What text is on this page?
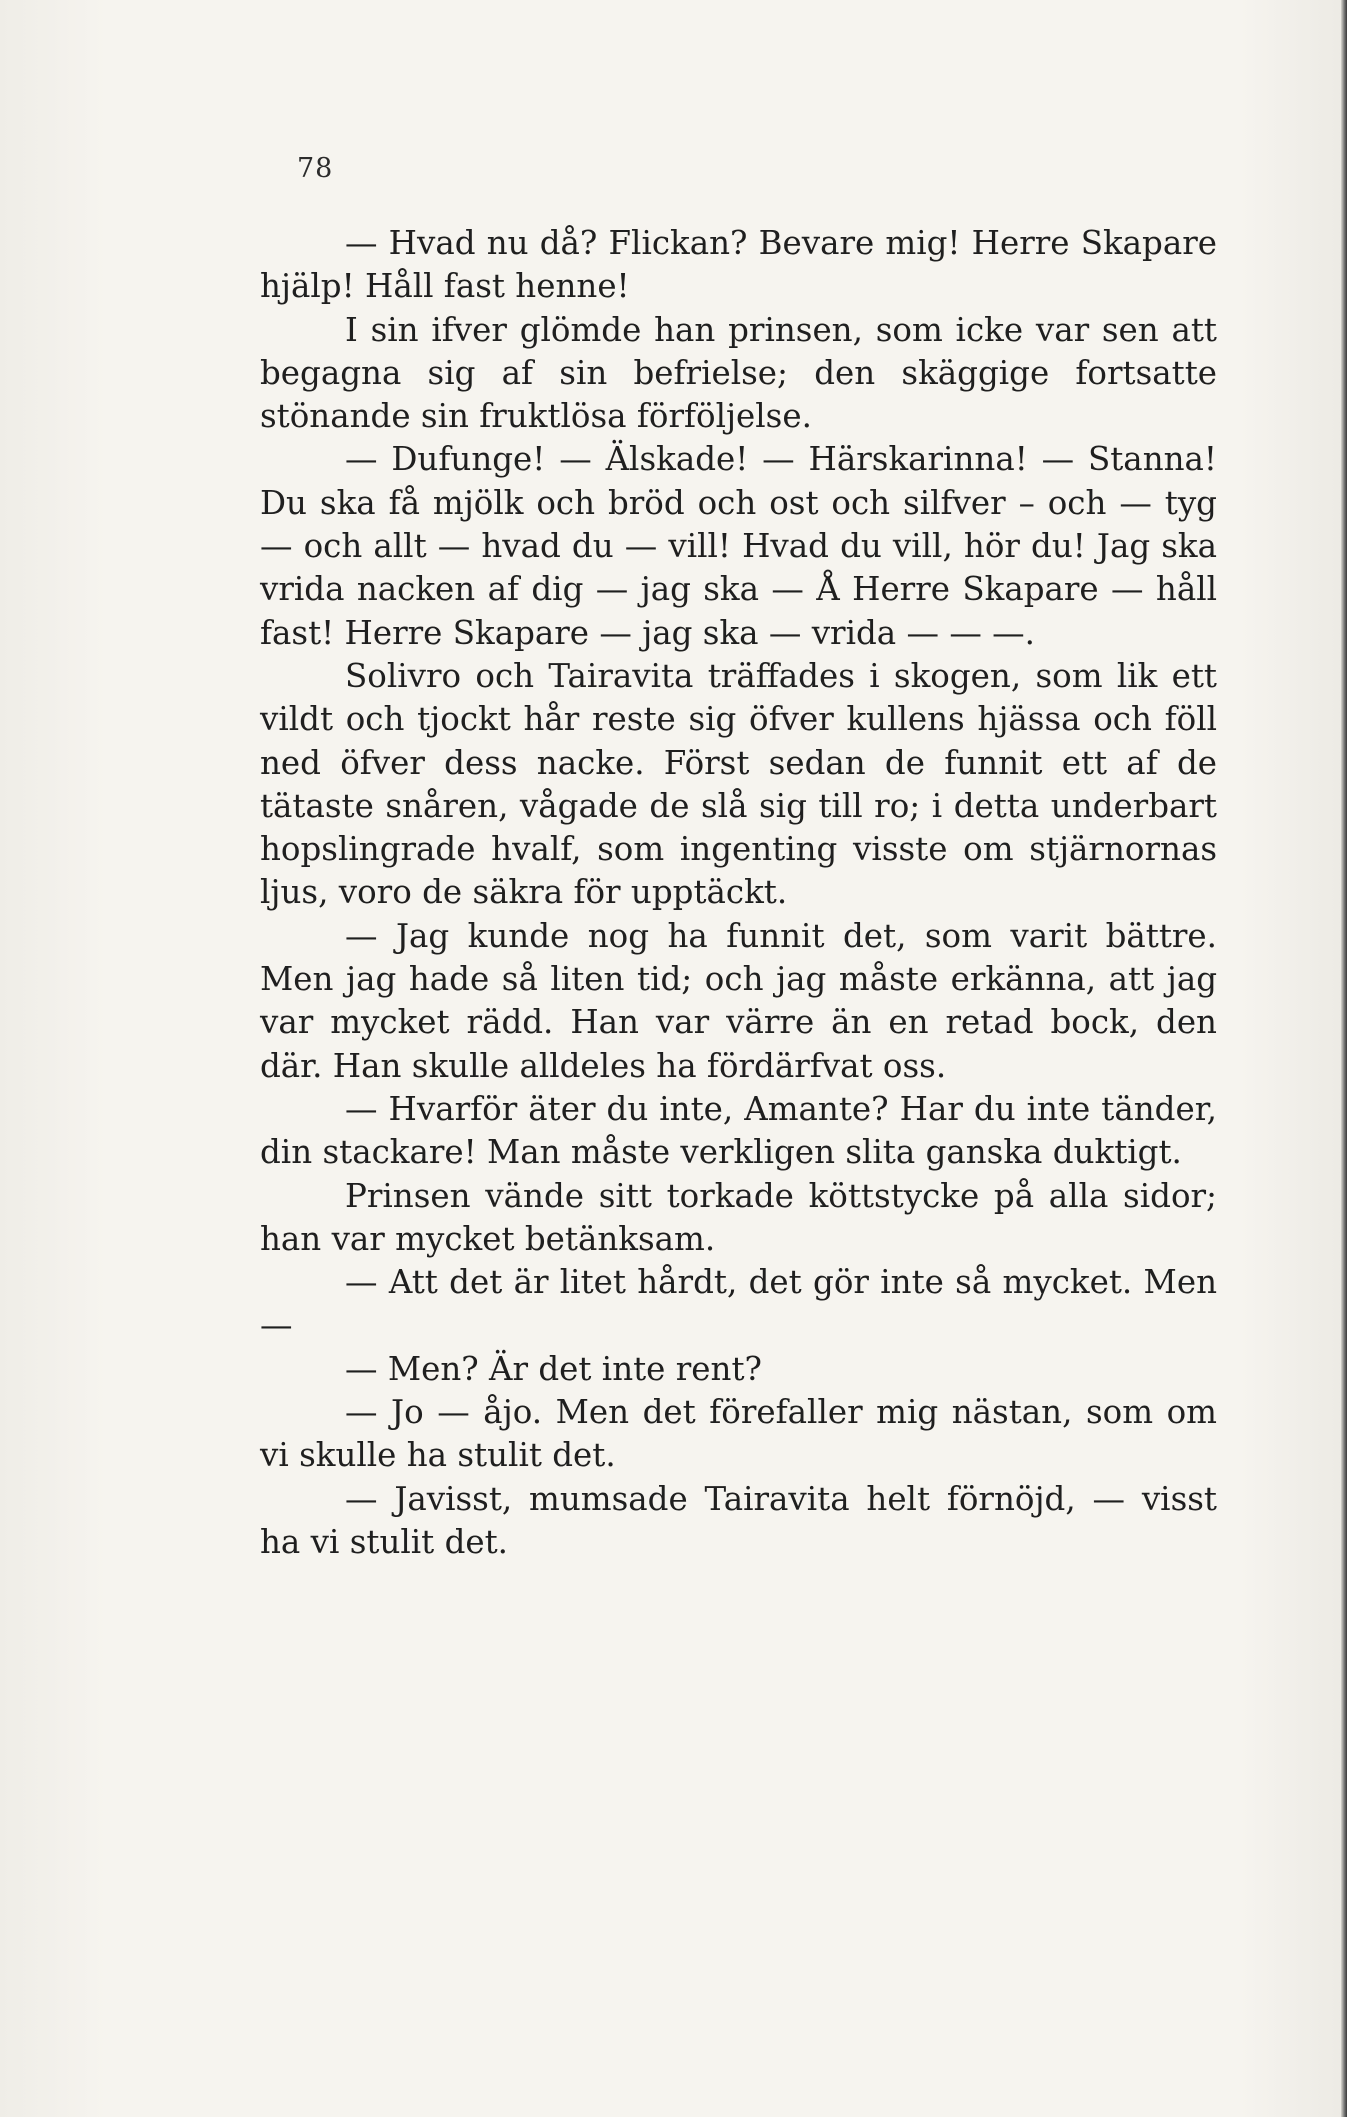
78

— Hvad nu då? Flickan? Bevare mig! Herre Skapare hjälp! Håll fast henne!

I sin ifver glömde han prinsen, som icke var sen att begagna sig af sin befrielse; den skäggige fortsatte stönande sin fruktlösa förföljelse.

— Dufunge! — Älskade! — Härskarinna! — Stanna! Du ska få mjölk och bröd och ost och silfver – och — tyg — och allt — hvad du — vill! Hvad du vill, hör du! Jag ska vrida nacken af dig — jag ska — Å Herre Skapare — håll fast! Herre Skapare — jag ska — vrida — — —.

Solivro och Tairavita träffades i skogen, som lik ett vildt och tjockt hår reste sig öfver kullens hjässa och föll ned öfver dess nacke. Först sedan de funnit ett af de tätaste snåren, vågade de slå sig till ro; i detta underbart hopslingrade hvalf, som ingenting visste om stjärnornas ljus, voro de säkra för upptäckt.

— Jag kunde nog ha funnit det, som varit bättre. Men jag hade så liten tid; och jag måste erkänna, att jag var mycket rädd. Han var värre än en retad bock, den där. Han skulle alldeles ha fördärfvat oss.

— Hvarför äter du inte, Amante? Har du inte tänder, din stackare! Man måste verkligen slita ganska duktigt.

Prinsen vände sitt torkade köttstycke på alla sidor; han var mycket betänksam.

— Att det är litet hårdt, det gör inte så mycket. Men —

— Men? Är det inte rent?

— Jo — åjo. Men det förefaller mig nästan, som om vi skulle ha stulit det.

— Javisst, mumsade Tairavita helt förnöjd, — visst ha vi stulit det.
